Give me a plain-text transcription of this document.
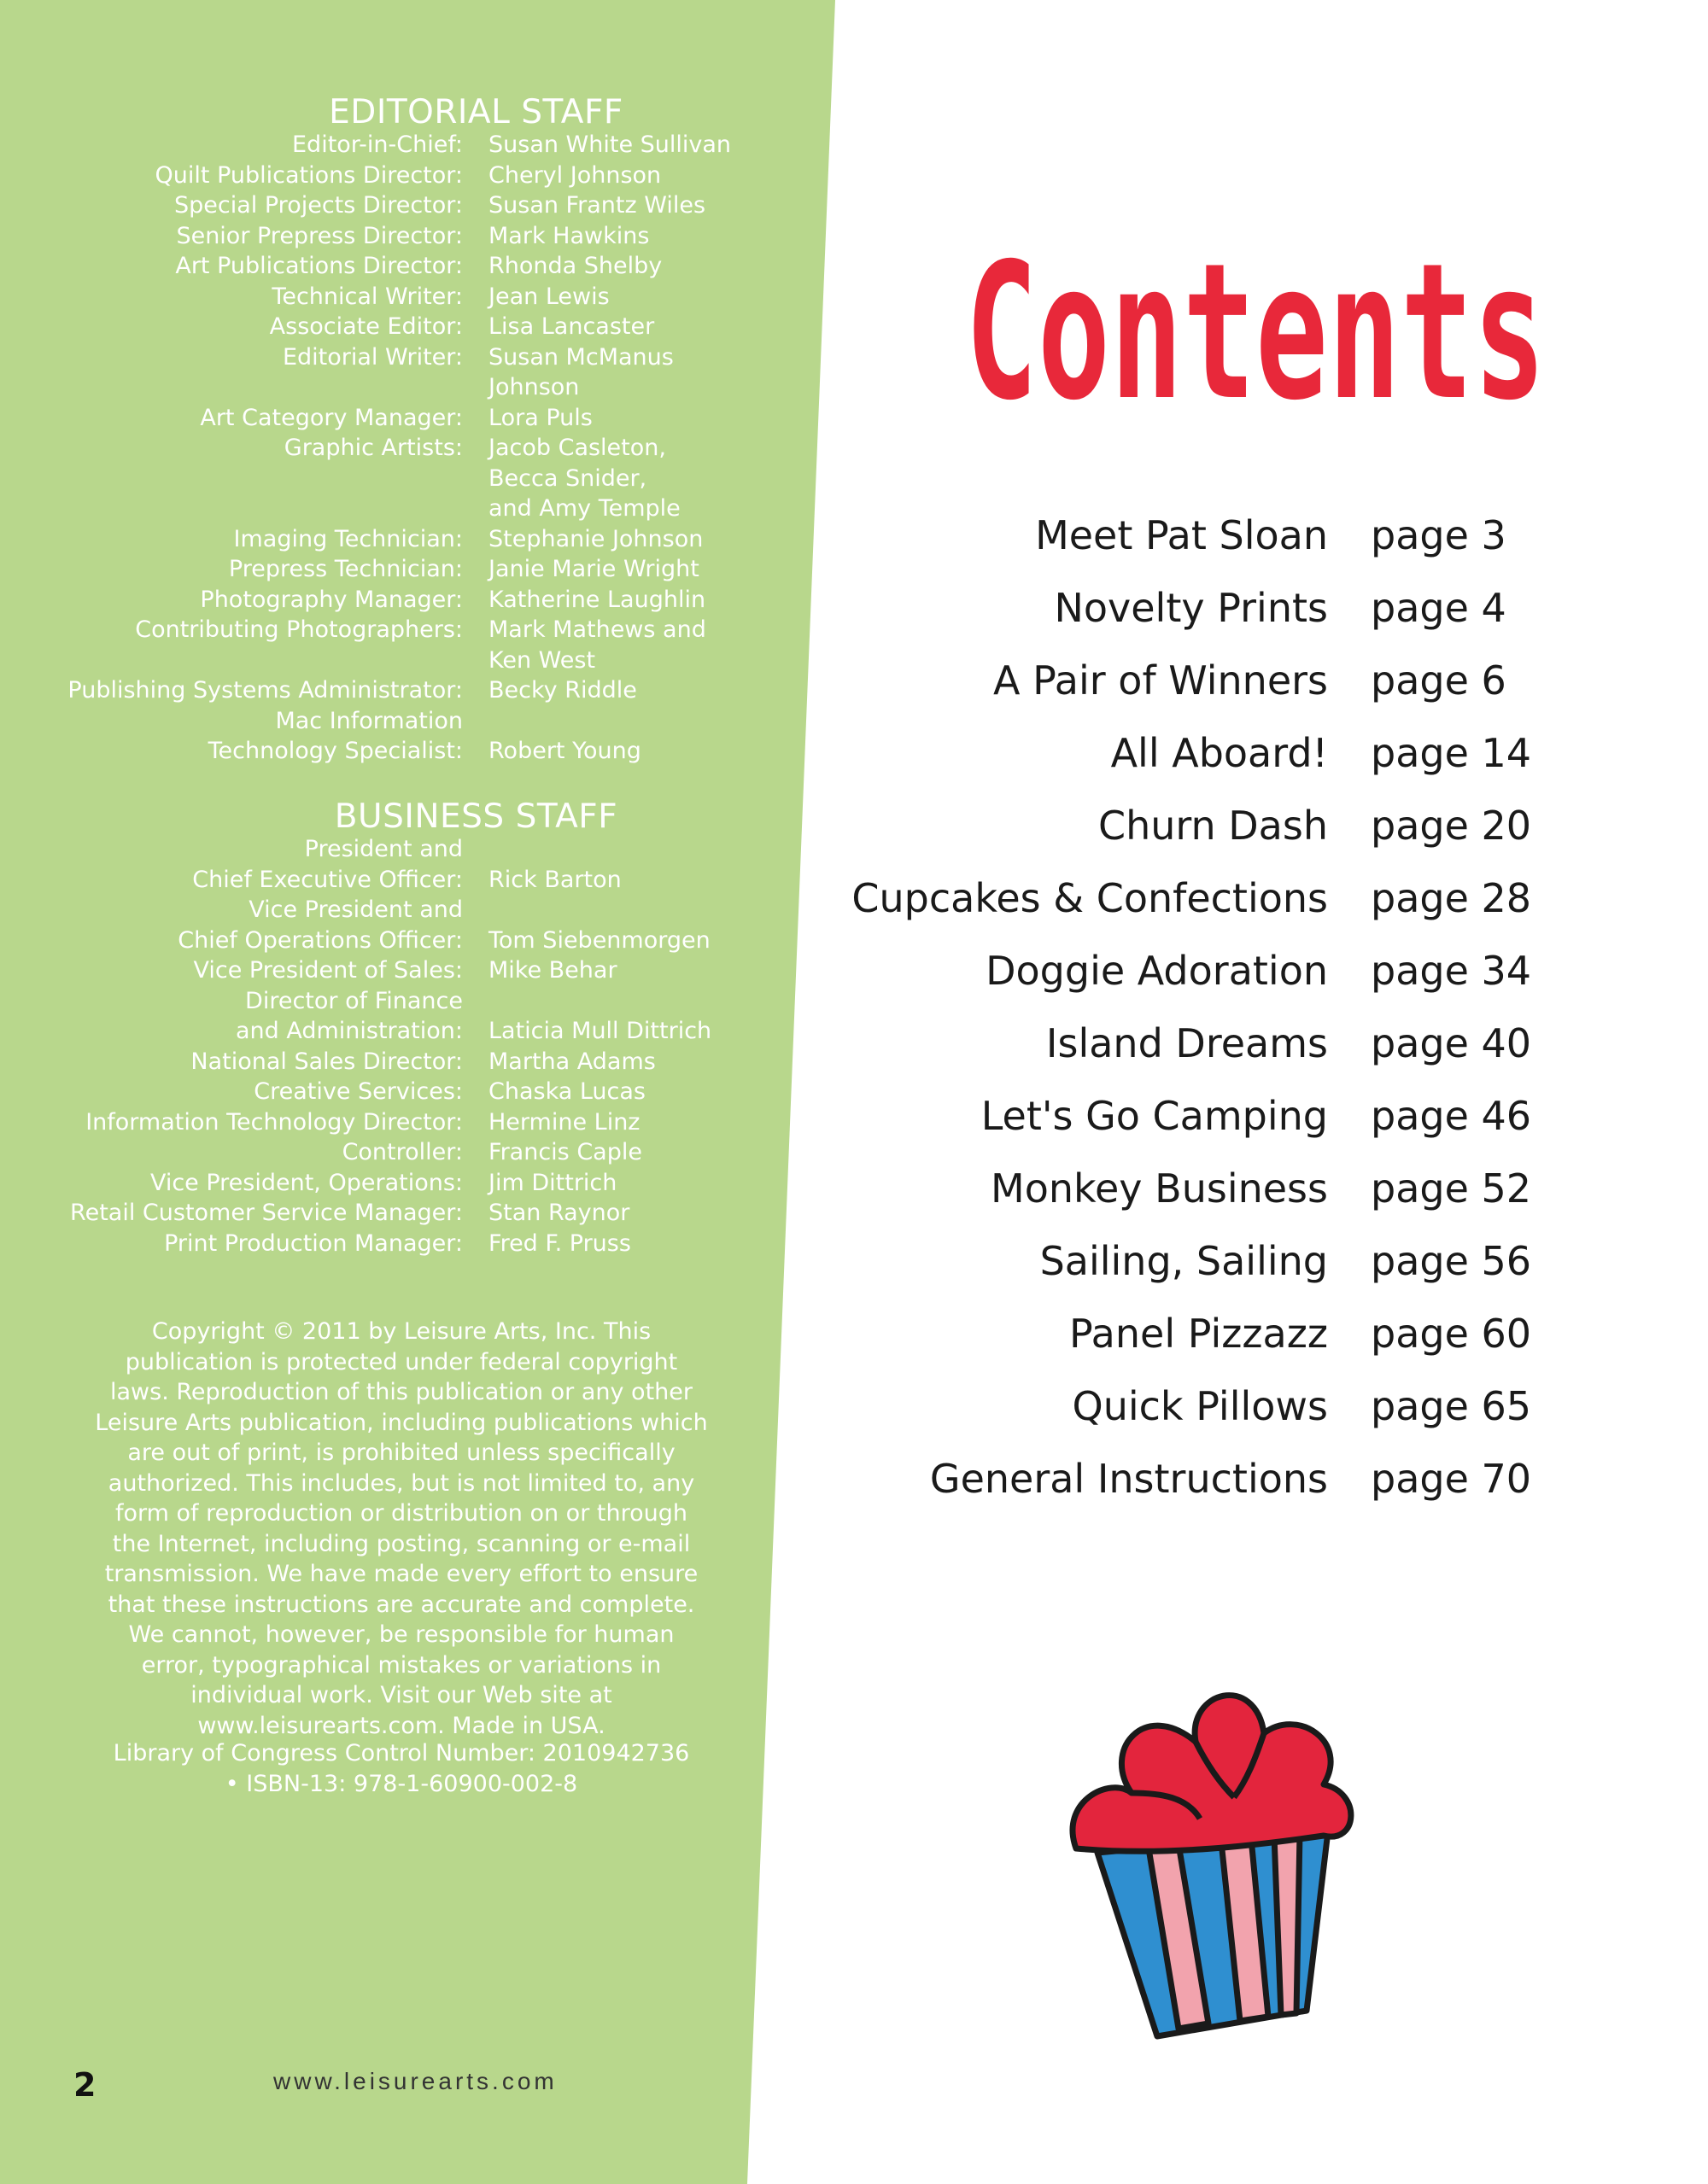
EDITORIAL STAFF
Editor-in-Chief: Susan White Sullivan
Quilt Publications Director: Cheryl Johnson
Special Projects Director: Susan Frantz Wiles
Senior Prepress Director: Mark Hawkins
Art Publications Director: Rhonda Shelby
Technical Writer: Jean Lewis
Associate Editor: Lisa Lancaster
Editorial Writer: Susan McManus
Johnson
Art Category Manager: Lora Puls
Graphic Artists: Jacob Casleton,
Becca Snider,
and Amy Temple
Imaging Technician: Stephanie Johnson
Prepress Technician: Janie Marie Wright
Photography Manager: Katherine Laughlin
Contributing Photographers: Mark Mathews and
Ken West
Publishing Systems Administrator: Becky Riddle
Mac Information
Technology Specialist:
Robert Young
BUSINESS STAFF
President and
Chief Executive Officer:
Rick Barton
Vice President and
Chief Operations Officer:
Tom Siebenmorgen
Vice President of Sales: Mike Behar
Director of Finance
and Administration:
Laticia Mull Dittrich
National Sales Director: Martha Adams
Creative Services: Chaska Lucas
Information Technology Director: Hermine Linz
Controller: Francis Caple
Vice President, Operations: Jim Dittrich
Retail Customer Service Manager: Stan Raynor
Print Production Manager: Fred F. Pruss
Copyright © 2011 by Leisure Arts, Inc. This publication is protected under federal copyright laws. Reproduction of this publication or any other Leisure Arts publication, including publications which are out of print, is prohibited unless specifically authorized. This includes, but is not limited to, any form of reproduction or distribution on or through the Internet, including posting, scanning or e-mail transmission. We have made every effort to ensure that these instructions are accurate and complete. We cannot, however, be responsible for human error, typographical mistakes or variations in individual work. Visit our Web site at www.leisurearts.com. Made in USA.
Library of Congress Control Number: 2010942736
• ISBN-13: 978-1-60900-002-8
2	www.leisurearts.com
Contents
Meet Pat Sloan page 3
Novelty Prints page 4
A Pair of Winners page 6
All Aboard! page 14
Churn Dash page 20
Cupcakes & Confections page 28
Doggie Adoration page 34
Island Dreams page 40
Let's Go Camping page 46
Monkey Business page 52
Sailing, Sailing page 56
Panel Pizzazz page 60
Quick Pillows page 65
General Instructions page 70
